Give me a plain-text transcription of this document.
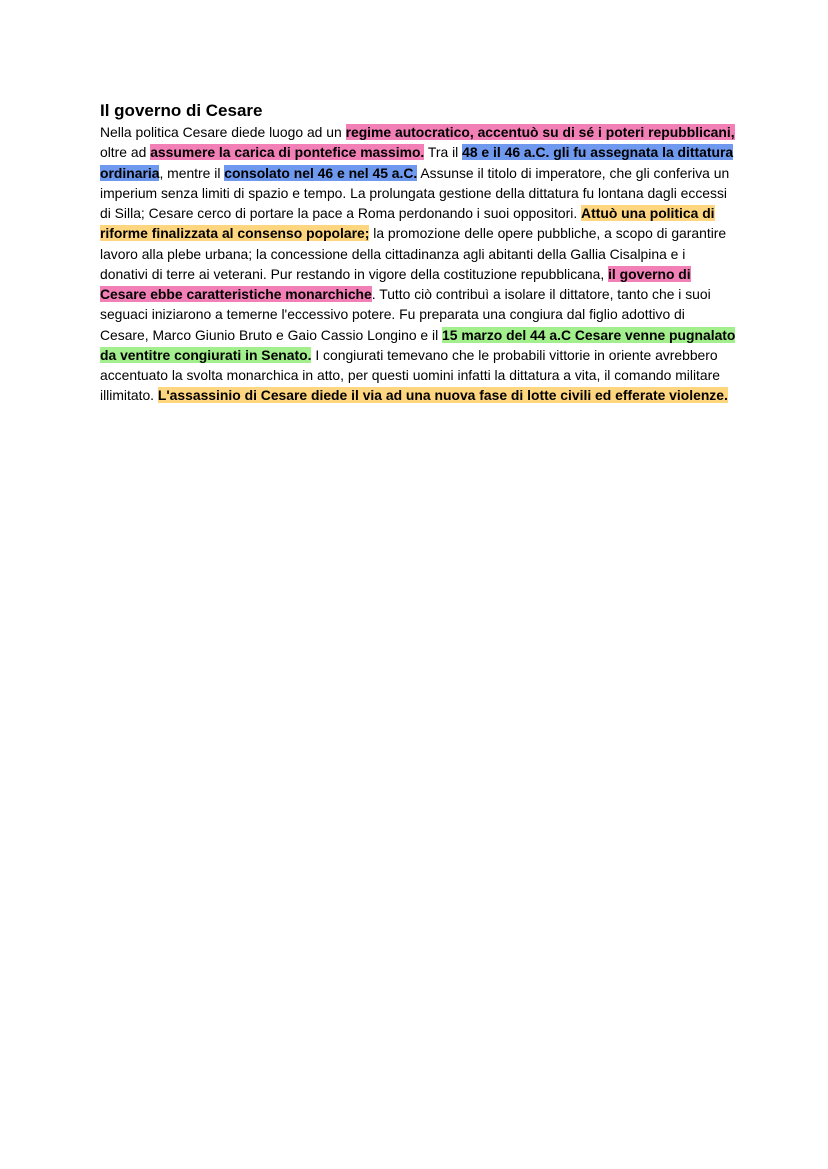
Il governo di Cesare

Nella politica Cesare diede luogo ad un regime autocratico, accentuò su di sé i poteri repubblicani, oltre ad assumere la carica di pontefice massimo. Tra il 48 e il 46 a.C. gli fu assegnata la dittatura ordinaria, mentre il consolato nel 46 e nel 45 a.C. Assunse il titolo di imperatore, che gli conferiva un imperium senza limiti di spazio e tempo. La prolungata gestione della dittatura fu lontana dagli eccessi di Silla; Cesare cerco di portare la pace a Roma perdonando i suoi oppositori. Attuò una politica di riforme finalizzata al consenso popolare; la promozione delle opere pubbliche, a scopo di garantire lavoro alla plebe urbana; la concessione della cittadinanza agli abitanti della Gallia Cisalpina e i donativi di terre ai veterani. Pur restando in vigore della costituzione repubblicana, il governo di Cesare ebbe caratteristiche monarchiche. Tutto ciò contribuì a isolare il dittatore, tanto che i suoi seguaci iniziarono a temerne l'eccessivo potere. Fu preparata una congiura dal figlio adottivo di Cesare, Marco Giunio Bruto e Gaio Cassio Longino e il 15 marzo del 44 a.C Cesare venne pugnalato da ventitre congiurati in Senato. I congiurati temevano che le probabili vittorie in oriente avrebbero accentuato la svolta monarchica in atto, per questi uomini infatti la dittatura a vita, il comando militare illimitato. L'assassinio di Cesare diede il via ad una nuova fase di lotte civili ed efferate violenze.
